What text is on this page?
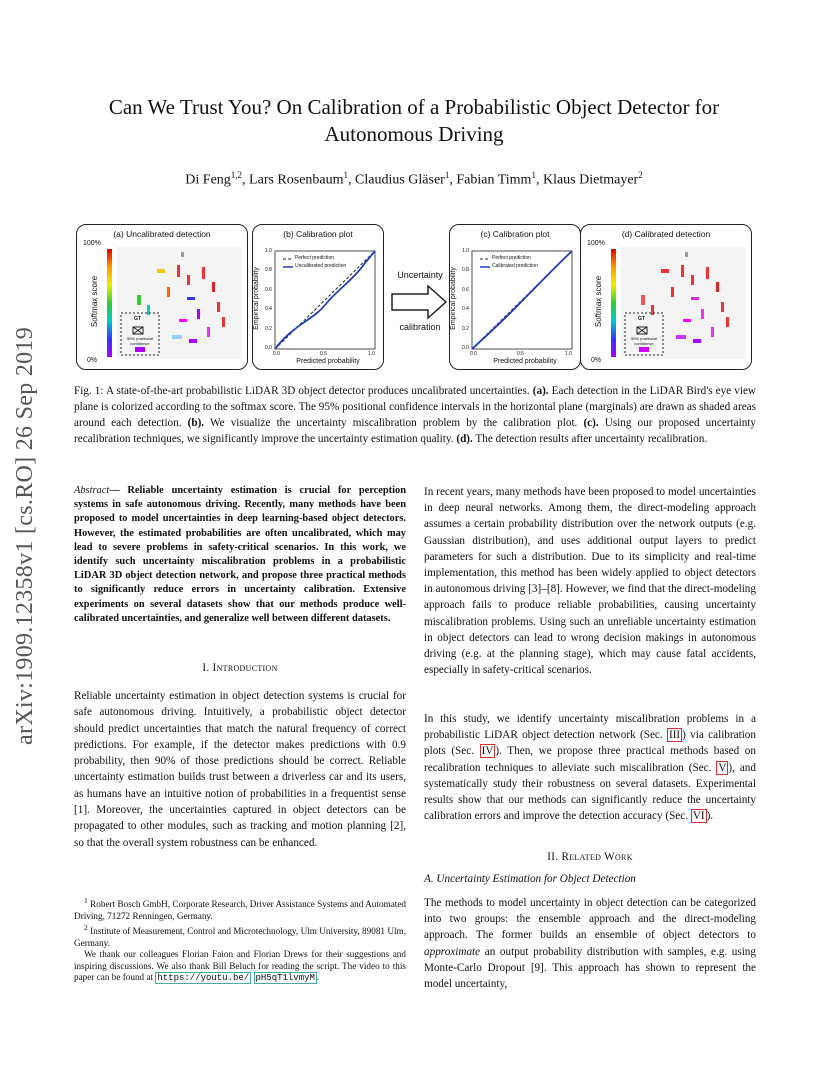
arXiv:1909.12358v1 [cs.RO] 26 Sep 2019
Can We Trust You? On Calibration of a Probabilistic Object Detector for Autonomous Driving
Di Feng$^{1,2}$, Lars Rosenbaum$^1$, Claudius Gläser$^1$, Fabian Timm$^1$, Klaus Dietmayer$^2$
(a) Uncalibrated detection
100%
0%
Softmax score	GT
95% positional confidence
(b) Calibration plot
Perfect prediction
Uncalibrated prediction
Predicted probability
Empirical probability
0.0	0.5	1.0
1.0
0.8
0.6
0.4
0.2
0.0
Uncertainty
calibration
(c) Calibration plot
Perfect prediction
Calibrated prediction
Predicted probability
Empirical probability
0.0	0.5	1.0
1.0
0.8
0.6
0.4
0.2
0.0
(d) Calibrated detection
100%
0%
Softmax score	GT
95% positional confidence
Fig. 1: A state-of-the-art probabilistic LiDAR 3D object detector produces uncalibrated uncertainties. (a). Each detection in the LiDAR Bird's eye view plane is colorized according to the softmax score. The 95% positional confidence intervals in the horizontal plane (marginals) are drawn as shaded areas around each detection. (b). We visualize the uncertainty miscalibration problem by the calibration plot. (c). Using our proposed uncertainty recalibration techniques, we significantly improve the uncertainty estimation quality. (d). The detection results after uncertainty recalibration.
Abstract— Reliable uncertainty estimation is crucial for perception systems in safe autonomous driving. Recently, many methods have been proposed to model uncertainties in deep learning-based object detectors. However, the estimated probabilities are often uncalibrated, which may lead to severe problems in safety-critical scenarios. In this work, we identify such uncertainty miscalibration problems in a probabilistic LiDAR 3D object detection network, and propose three practical methods to significantly reduce errors in uncertainty calibration. Extensive experiments on several datasets show that our methods produce well-calibrated uncertainties, and generalize well between different datasets.
I. Introduction
Reliable uncertainty estimation in object detection systems is crucial for safe autonomous driving. Intuitively, a probabilistic object detector should predict uncertainties that match the natural frequency of correct predictions. For example, if the detector makes predictions with 0.9 probability, then 90% of those predictions should be correct. Reliable uncertainty estimation builds trust between a driverless car and its users, as humans have an intuitive notion of probabilities in a frequentist sense [1]. Moreover, the uncertainties captured in object detectors can be propagated to other modules, such as tracking and motion planning [2], so that the overall system robustness can be enhanced.
$^1$ Robert Bosch GmbH, Corporate Research, Driver Assistance Systems and Automated Driving, 71272 Renningen, Germany.
$^2$ Institute of Measurement, Control and Microtechnology, Ulm University, 89081 Ulm, Germany.
We thank our colleagues Florian Faion and Florian Drews for their suggestions and inspiring discussions. We also thank Bill Beluch for reading the script. The video to this paper can be found at https://youtu.be/ pH5qT1lvmyM .
In recent years, many methods have been proposed to model uncertainties in deep neural networks. Among them, the direct-modeling approach assumes a certain probability distribution over the network outputs (e.g. Gaussian distribution), and uses additional output layers to predict parameters for such a distribution. Due to its simplicity and real-time implementation, this method has been widely applied to object detectors in autonomous driving [3]–[8]. However, we find that the direct-modeling approach fails to produce reliable probabilities, causing uncertainty miscalibration problems. Using such an unreliable uncertainty estimation in object detectors can lead to wrong decision makings in autonomous driving (e.g. at the planning stage), which may cause fatal accidents, especially in safety-critical scenarios.
In this study, we identify uncertainty miscalibration problems in a probabilistic LiDAR object detection network (Sec. III ) via calibration plots (Sec. IV ). Then, we propose three practical methods based on recalibration techniques to alleviate such miscalibration (Sec. V ), and systematically study their robustness on several datasets. Experimental results show that our methods can significantly reduce the uncertainty calibration errors and improve the detection accuracy (Sec. VI ).
II. Related Work
A. Uncertainty Estimation for Object Detection
The methods to model uncertainty in object detection can be categorized into two groups: the ensemble approach and the direct-modeling approach. The former builds an ensemble of object detectors to approximate an output probability distribution with samples, e.g. using Monte-Carlo Dropout [9]. This approach has shown to represent the model uncertainty,
